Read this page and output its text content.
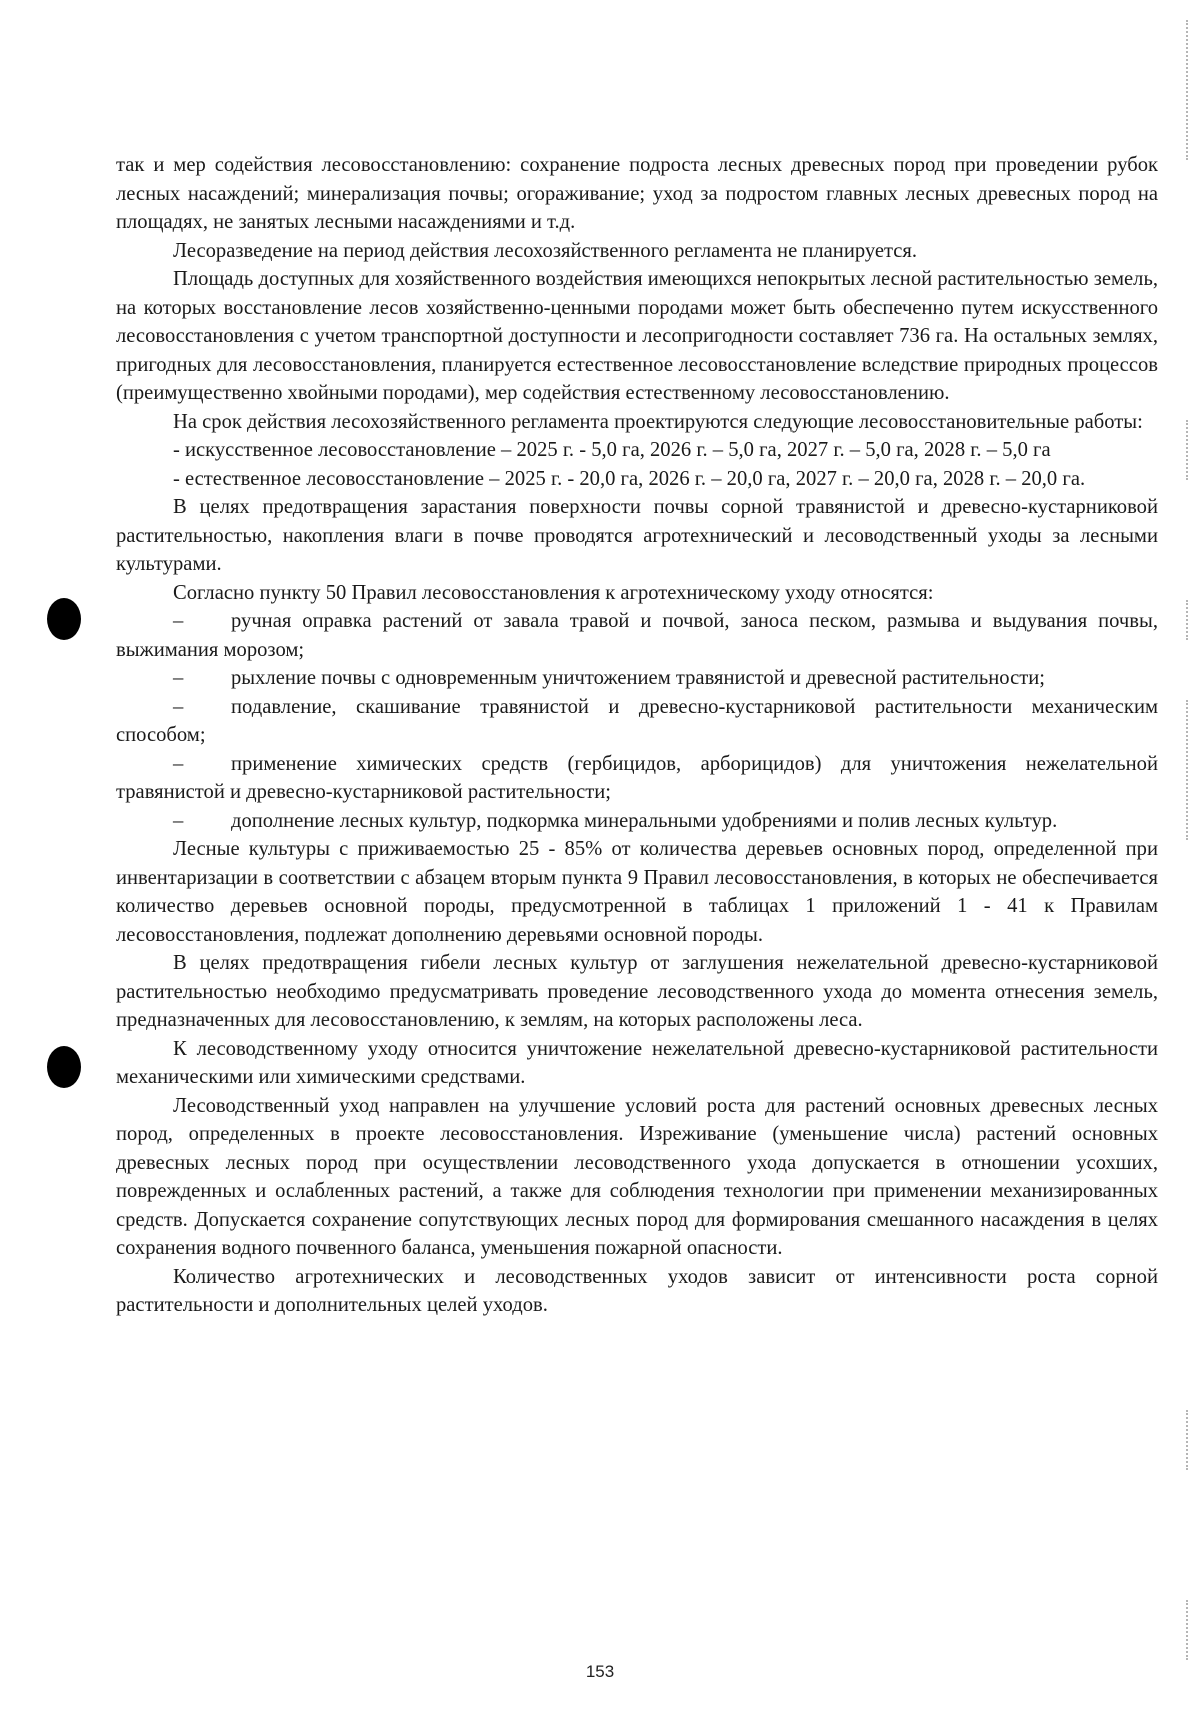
так и мер содействия лесовосстановлению: сохранение подроста лесных древесных пород при проведении рубок лесных насаждений; минерализация почвы; огораживание; уход за подростом главных лесных древесных пород на площадях, не занятых лесными насаждениями и т.д.

Лесоразведение на период действия лесохозяйственного регламента не планируется.

Площадь доступных для хозяйственного воздействия имеющихся непокрытых лесной растительностью земель, на которых восстановление лесов хозяйственно-ценными породами может быть обеспеченно путем искусственного лесовосстановления с учетом транспортной доступности и лесопригодности составляет 736 га. На остальных землях, пригодных для лесовосстановления, планируется естественное лесовосстановление вследствие природных процессов (преимущественно хвойными породами), мер содействия естественному лесовосстановлению.

На срок действия лесохозяйственного регламента проектируются следующие лесовосстановительные работы:

- искусственное лесовосстановление – 2025 г. - 5,0 га, 2026 г. – 5,0 га, 2027 г. – 5,0 га, 2028 г. – 5,0 га

- естественное лесовосстановление – 2025 г. - 20,0 га, 2026 г. – 20,0 га, 2027 г. – 20,0 га, 2028 г. – 20,0 га.

В целях предотвращения зарастания поверхности почвы сорной травянистой и древесно-кустарниковой растительностью, накопления влаги в почве проводятся агротехнический и лесоводственный уходы за лесными культурами.

Согласно пункту 50 Правил лесовосстановления к агротехническому уходу относятся:

– ручная оправка растений от завала травой и почвой, заноса песком, размыва и выдувания почвы, выжимания морозом;

– рыхление почвы с одновременным уничтожением травянистой и древесной растительности;

– подавление, скашивание травянистой и древесно-кустарниковой растительности механическим способом;

– применение химических средств (гербицидов, арборицидов) для уничтожения нежелательной травянистой и древесно-кустарниковой растительности;

– дополнение лесных культур, подкормка минеральными удобрениями и полив лесных культур.

Лесные культуры с приживаемостью 25 - 85% от количества деревьев основных пород, определенной при инвентаризации в соответствии с абзацем вторым пункта 9 Правил лесовосстановления, в которых не обеспечивается количество деревьев основной породы, предусмотренной в таблицах 1 приложений 1 - 41 к Правилам лесовосстановления, подлежат дополнению деревьями основной породы.

В целях предотвращения гибели лесных культур от заглушения нежелательной древесно-кустарниковой растительностью необходимо предусматривать проведение лесоводственного ухода до момента отнесения земель, предназначенных для лесовосстановлению, к землям, на которых расположены леса.

К лесоводственному уходу относится уничтожение нежелательной древесно-кустарниковой растительности механическими или химическими средствами.

Лесоводственный уход направлен на улучшение условий роста для растений основных древесных лесных пород, определенных в проекте лесовосстановления. Изреживание (уменьшение числа) растений основных древесных лесных пород при осуществлении лесоводственного ухода допускается в отношении усохших, поврежденных и ослабленных растений, а также для соблюдения технологии при применении механизированных средств. Допускается сохранение сопутствующих лесных пород для формирования смешанного насаждения в целях сохранения водного почвенного баланса, уменьшения пожарной опасности.

Количество агротехнических и лесоводственных уходов зависит от интенсивности роста сорной растительности и дополнительных целей уходов.

153
